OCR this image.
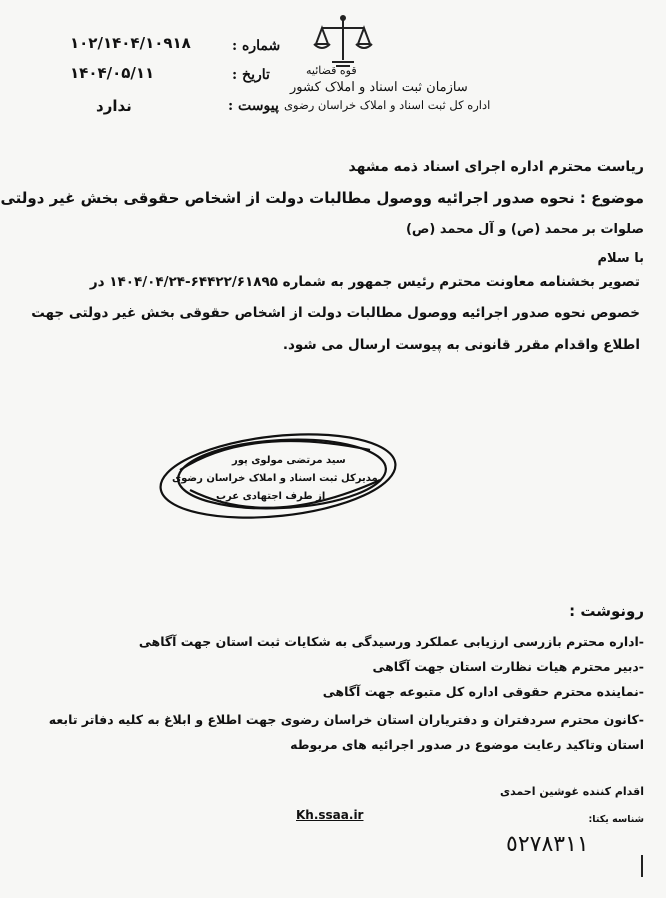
قوه قضائیه
سازمان ثبت اسناد و املاک کشور
اداره کل ثبت اسناد و املاک خراسان رضوی
شماره :
تاریخ :
پیوست :
١٠٢/١۴٠۴/١٠٩١٨
١۴٠۴/٠۵/١١
ندارد
ریاست محترم اداره اجرای اسناد ذمه مشهد
موضوع : نحوه صدور اجرائیه ووصول مطالبات دولت از اشخاص حقوقی بخش غیر دولتی
صلوات بر محمد (ص) و آل محمد (ص)
با سلام
تصویر بخشنامه معاونت محترم رئیس جمهور به شماره ۶۴۴۲۲/۶۱۸۹۵-۱۴۰۴/۰۴/۲۴ در
خصوص نحوه صدور اجرائیه ووصول مطالبات دولت از اشخاص حقوقی بخش غیر دولتی جهت
اطلاع واقدام مقرر قانونی به پیوست ارسال می شود.
سید مرتضی مولوی پور
مدیرکل ثبت اسناد و املاک خراسان رضوی
از طرف اجتهادی عرب
رونوشت :
-اداره محترم بازرسی ارزیابی عملکرد ورسیدگی به شکایات ثبت استان جهت آگاهی
-دبیر محترم هیات نظارت استان جهت آگاهی
-نماینده محترم حقوقی اداره کل متبوعه جهت آگاهی
-کانون محترم سردفتران و دفترياران استان خراسان رضوی جهت اطلاع و ابلاغ به کلیه دفاتر تابعه
استان وتاکید رعایت موضوع در صدور اجرائیه های مربوطه
اقدام کننده غوشین احمدی
Kh.ssaa.ir	شناسه یکتا:
٥٢٧٨٣١١
